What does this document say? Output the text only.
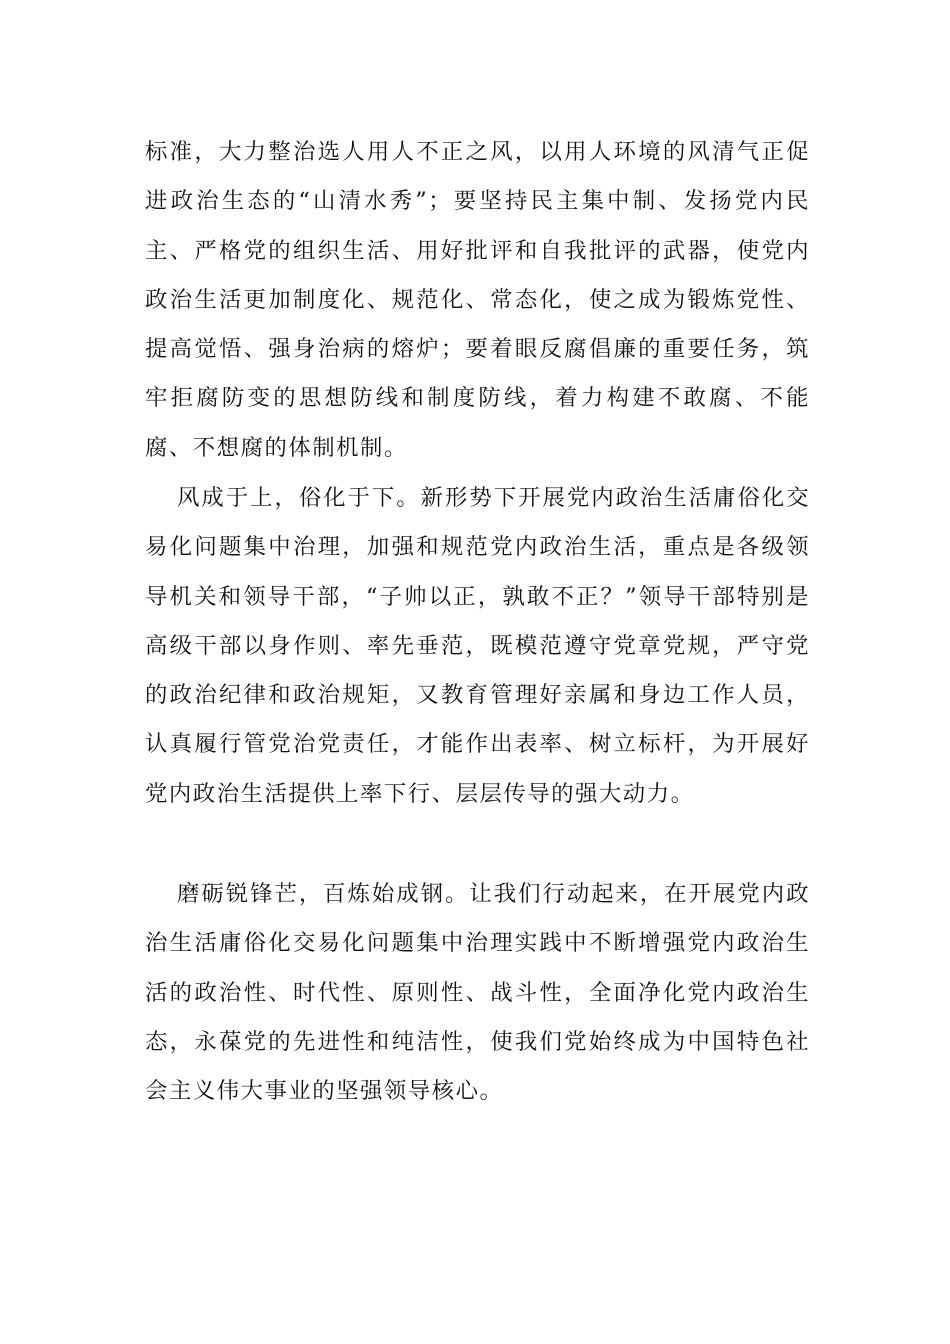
标准，大力整治选人用人不正之风，以用人环境的风清气正促进政治生态的“山清水秀”；要坚持民主集中制、发扬党内民主、严格党的组织生活、用好批评和自我批评的武器，使党内政治生活更加制度化、规范化、常态化，使之成为锻炼党性、提高觉悟、强身治病的熔炉；要着眼反腐倡廉的重要任务，筑牢拒腐防变的思想防线和制度防线，着力构建不敢腐、不能腐、不想腐的体制机制。

风成于上，俗化于下。新形势下开展党内政治生活庸俗化交易化问题集中治理，加强和规范党内政治生活，重点是各级领导机关和领导干部，“子帅以正，孰敢不正？”领导干部特别是高级干部以身作则、率先垂范，既模范遵守党章党规，严守党的政治纪律和政治规矩，又教育管理好亲属和身边工作人员，认真履行管党治党责任，才能作出表率、树立标杆，为开展好党内政治生活提供上率下行、层层传导的强大动力。

磨砺锐锋芒，百炼始成钢。让我们行动起来，在开展党内政治生活庸俗化交易化问题集中治理实践中不断增强党内政治生活的政治性、时代性、原则性、战斗性，全面净化党内政治生态，永葆党的先进性和纯洁性，使我们党始终成为中国特色社会主义伟大事业的坚强领导核心。
